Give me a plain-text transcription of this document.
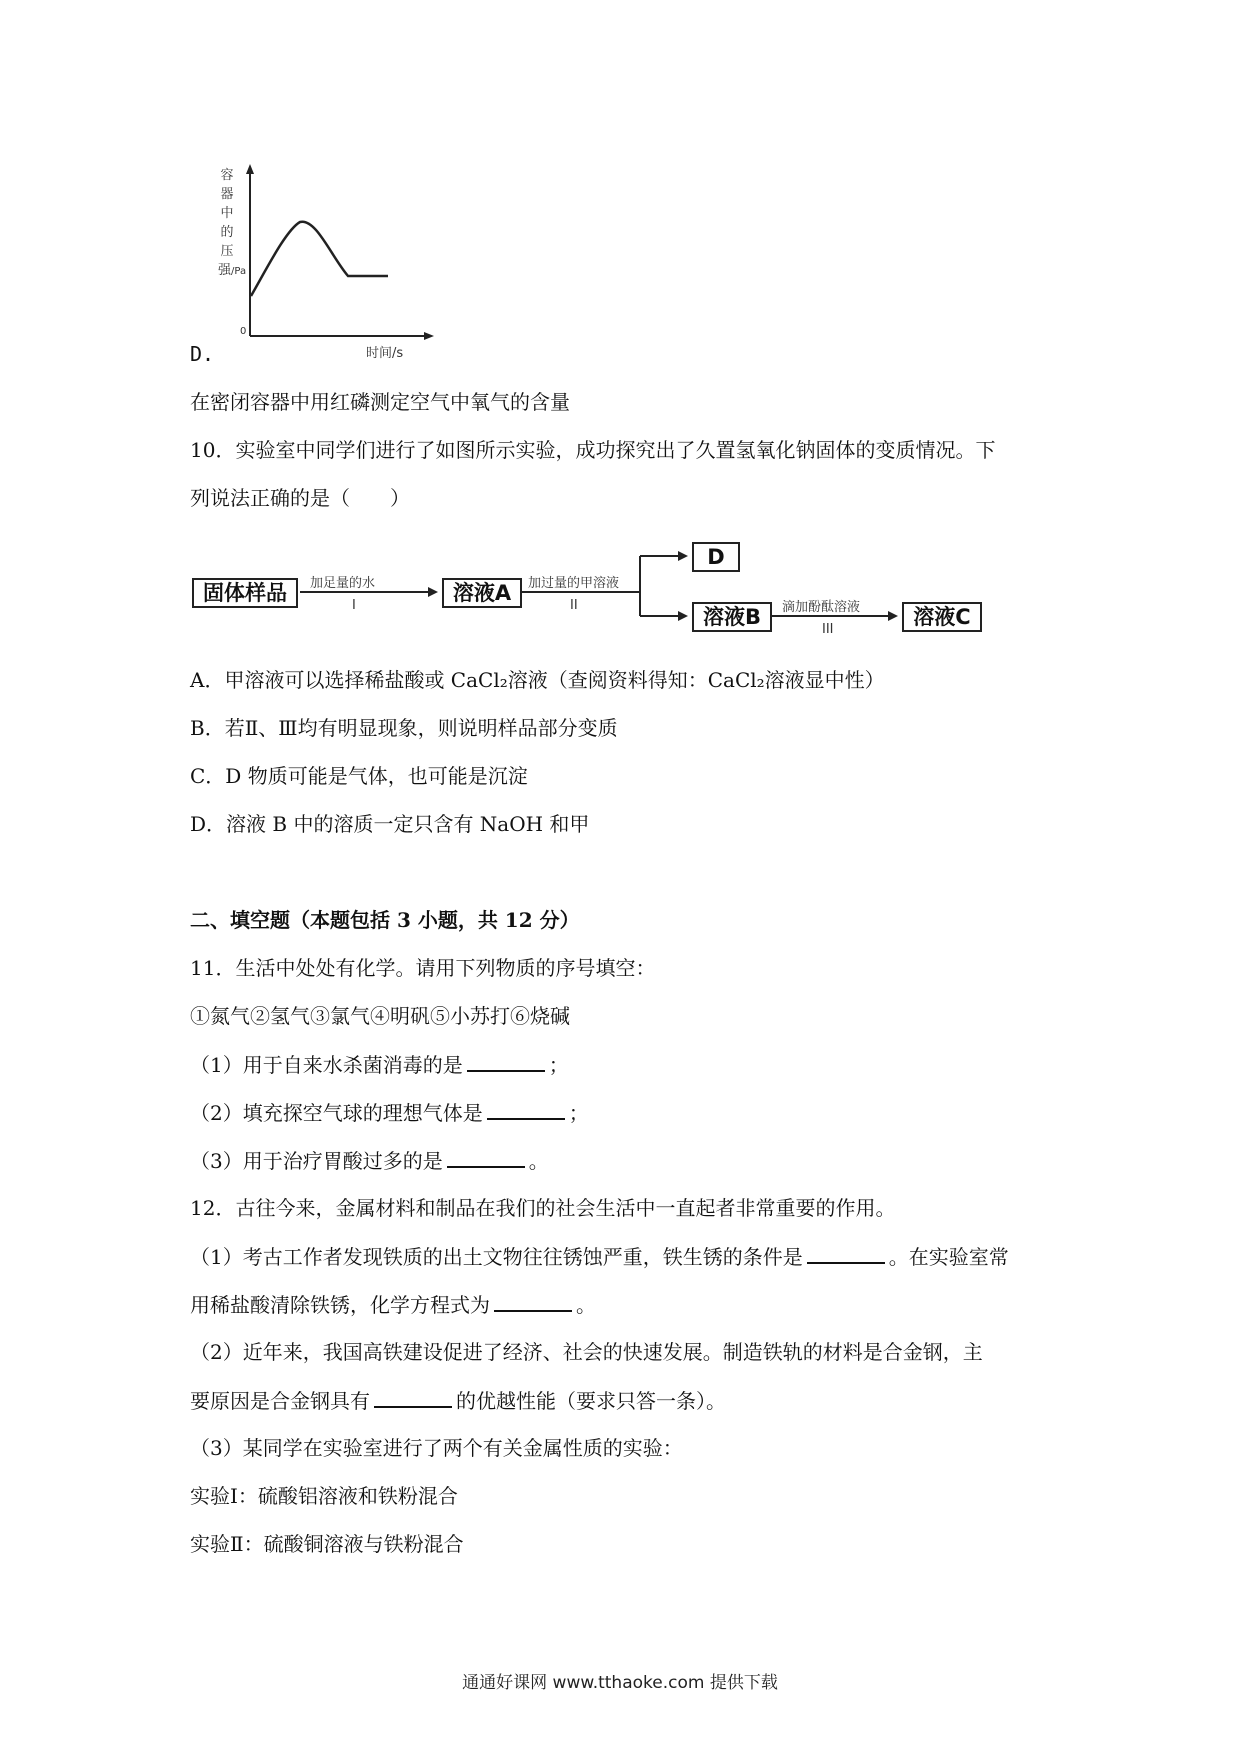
容器中的压强/Pa
0
时间/s
D.
在密闭容器中用红磷测定空气中氧气的含量
10．实验室中同学们进行了如图所示实验，成功探究出了久置氢氧化钠固体的变质情况。下
列说法正确的是（　　）
固体样品	溶液A
D
溶液B	溶液C
加足量的水
I
加过量的甲溶液
II	滴加酚酞溶液
III
A．甲溶液可以选择稀盐酸或 CaCl₂溶液（查阅资料得知：CaCl₂溶液显中性）
B．若Ⅱ、Ⅲ均有明显现象，则说明样品部分变质
C．D 物质可能是气体，也可能是沉淀
D．溶液 B 中的溶质一定只含有 NaOH 和甲
二、填空题（本题包括 3 小题，共 12 分）
11．生活中处处有化学。请用下列物质的序号填空：
①氮气②氢气③氯气④明矾⑤小苏打⑥烧碱
（1）用于自来水杀菌消毒的是	；
（2）填充探空气球的理想气体是	；
（3）用于治疗胃酸过多的是	。
12．古往今来，金属材料和制品在我们的社会生活中一直起者非常重要的作用。
（1）考古工作者发现铁质的出土文物往往锈蚀严重，铁生锈的条件是	。在实验室常
用稀盐酸清除铁锈，化学方程式为	。
（2）近年来，我国高铁建设促进了经济、社会的快速发展。制造铁轨的材料是合金钢，主
要原因是合金钢具有	的优越性能（要求只答一条）。
（3）某同学在实验室进行了两个有关金属性质的实验：
实验Ⅰ：硫酸铝溶液和铁粉混合
实验Ⅱ：硫酸铜溶液与铁粉混合
通通好课网 www.tthaoke.com 提供下载
